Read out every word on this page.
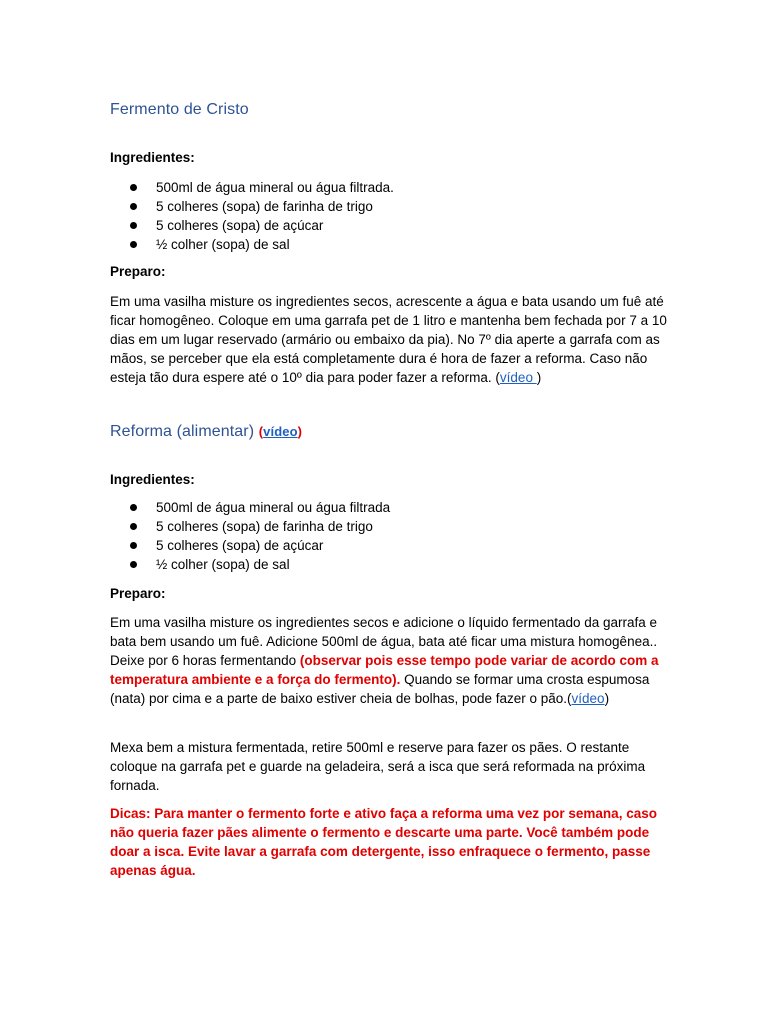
Fermento de Cristo
Ingredientes:
500ml de água mineral ou água filtrada.
5 colheres (sopa) de farinha de trigo
5 colheres (sopa) de açúcar
½ colher (sopa) de sal
Preparo:
Em uma vasilha misture os ingredientes secos, acrescente a água e bata usando um fuê até ficar homogêneo. Coloque em uma garrafa pet de 1 litro e mantenha bem fechada por 7 a 10 dias em um lugar reservado (armário ou embaixo da pia). No 7º dia aperte a garrafa com as mãos, se perceber que ela está completamente dura é hora de fazer a reforma. Caso não esteja tão dura espere até o 10º dia para poder fazer a reforma. (vídeo )
Reforma (alimentar) (vídeo)
Ingredientes:
500ml de água mineral ou água filtrada
5 colheres (sopa) de farinha de trigo
5 colheres (sopa) de açúcar
½ colher (sopa) de sal
Preparo:
Em uma vasilha misture os ingredientes secos e adicione o líquido fermentado da garrafa e bata bem usando um fuê. Adicione 500ml de água, bata até ficar uma mistura homogênea.. Deixe por 6 horas fermentando (observar pois esse tempo pode variar de acordo com a temperatura ambiente e a força do fermento). Quando se formar uma crosta espumosa (nata) por cima e a parte de baixo estiver cheia de bolhas, pode fazer o pão.(vídeo)
Mexa bem a mistura fermentada, retire 500ml e reserve para fazer os pães. O restante coloque na garrafa pet e guarde na geladeira, será a isca que será reformada na próxima fornada.
Dicas: Para manter o fermento forte e ativo faça a reforma uma vez por semana, caso não queria fazer pães alimente o fermento e descarte uma parte. Você também pode doar a isca. Evite lavar a garrafa com detergente, isso enfraquece o fermento, passe apenas água.
